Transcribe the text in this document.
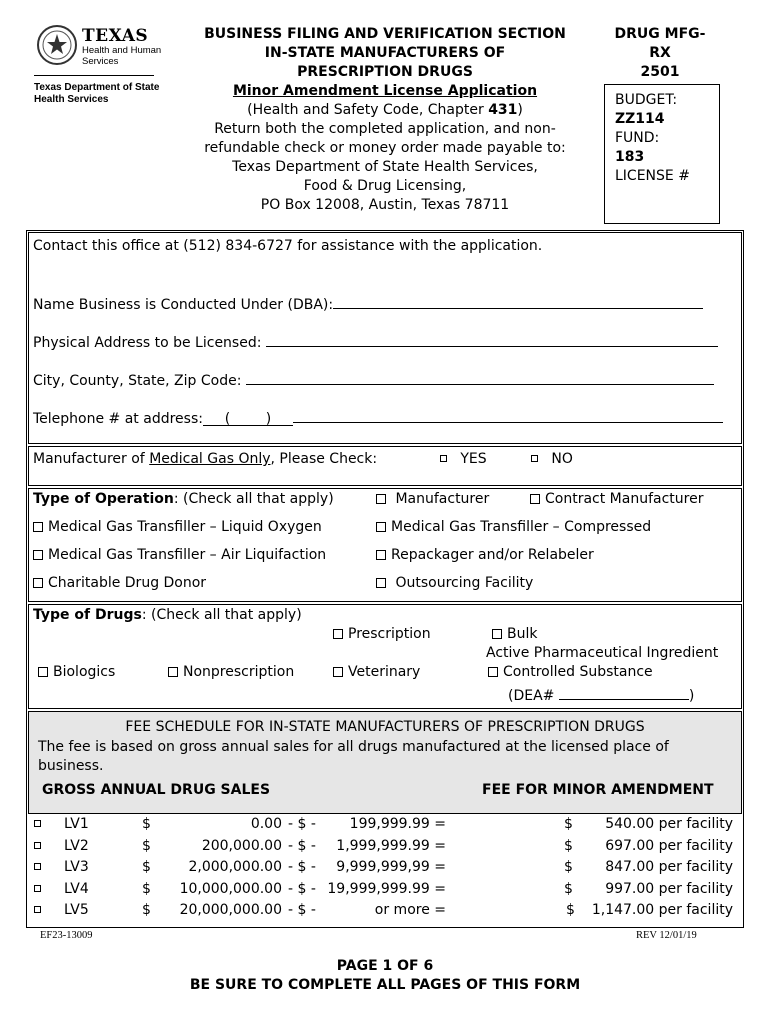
TEXAS
Health and Human
Services
Texas Department of State
Health Services
BUSINESS FILING AND VERIFICATION SECTION
IN-STATE MANUFACTURERS OF
PRESCRIPTION DRUGS
Minor Amendment License Application
(Health and Safety Code, Chapter 431)
Return both the completed application, and non-
refundable check or money order made payable to:
Texas Department of State Health Services,
Food & Drug Licensing,
PO Box 12008, Austin, Texas 78711
DRUG MFG-
RX
2501
BUDGET:
ZZ114
FUND:
183
LICENSE #
Contact this office at (512) 834-6727 for assistance with the application.
Name Business is Conducted Under (DBA):
Physical Address to be Licensed:
City, County, State, Zip Code:
Telephone # at address: (	)
Manufacturer of Medical Gas Only, Please Check:	YES	NO
Type of Operation: (Check all that apply)	Manufacturer	Contract Manufacturer
Medical Gas Transfiller – Liquid Oxygen	Medical Gas Transfiller – Compressed
Medical Gas Transfiller – Air Liquifaction	Repackager and/or Relabeler
Charitable Drug Donor	Outsourcing Facility
Type of Drugs: (Check all that apply)
Prescription	Bulk
Active Pharmaceutical Ingredient
Biologics	Nonprescription	Veterinary	Controlled Substance
(DEA#	)
FEE SCHEDULE FOR IN-STATE MANUFACTURERS OF PRESCRIPTION DRUGS
The fee is based on gross annual sales for all drugs manufactured at the licensed place of business.
GROSS ANNUAL DRUG SALES	FEE FOR MINOR AMENDMENT
LV1	$	0.00 - $ - 199,999.99 =	$ 540.00 per facility
LV2	$	200,000.00 - $ - 1,999,999.99 =	$ 697.00 per facility
LV3	$	2,000,000.00 - $ - 9,999,999,99 =	$ 847.00 per facility
LV4	$ 10,000,000.00 - $ - 19,999,999.99 =	$ 997.00 per facility
LV5	$ 20,000,000.00 - $ -	or more =	$ 1,147.00 per facility
EF23-13009	REV 12/01/19
PAGE 1 OF 6
BE SURE TO COMPLETE ALL PAGES OF THIS FORM
